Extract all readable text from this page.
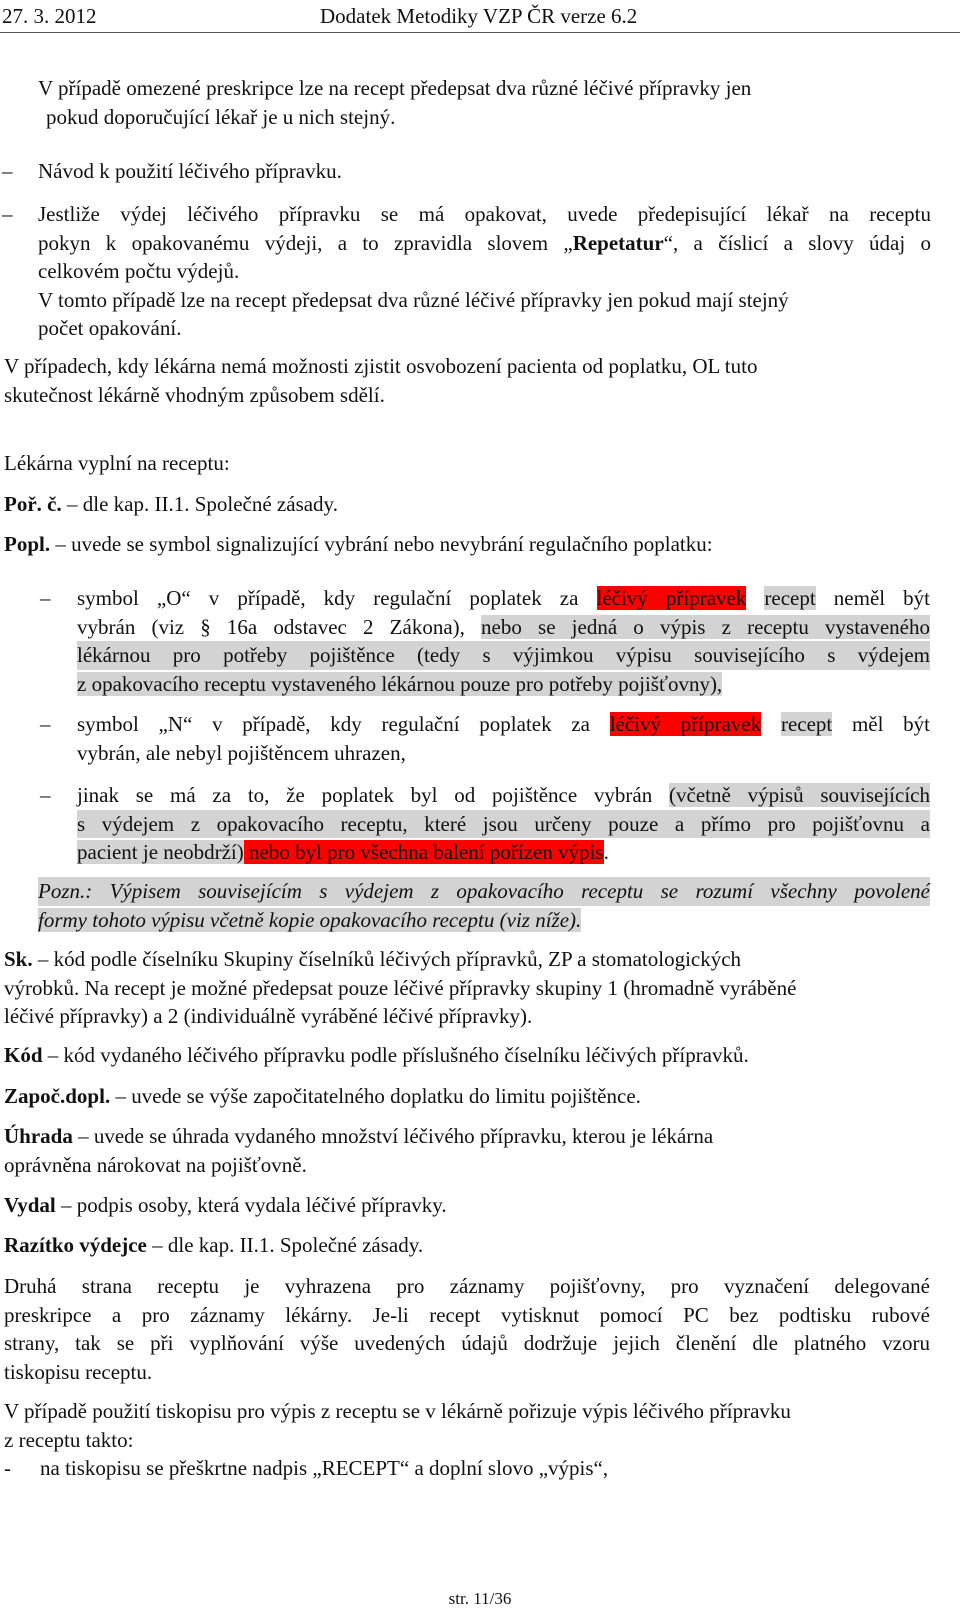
27. 3. 2012	Dodatek Metodiky VZP ČR verze 6.2
V případě omezené preskripce lze na recept předepsat dva různé léčivé přípravky jen
pokud doporučující lékař je u nich stejný.
–	Návod k použití léčivého přípravku.
–	Jestliže výdej léčivého přípravku se má opakovat, uvede předepisující lékař na receptu
pokyn k opakovanému výdeji, a to zpravidla slovem „Repetatur“, a číslicí a slovy údaj o
celkovém počtu výdejů.
V tomto případě lze na recept předepsat dva různé léčivé přípravky jen pokud mají stejný
počet opakování.
V případech, kdy lékárna nemá možnosti zjistit osvobození pacienta od poplatku, OL tuto
skutečnost lékárně vhodným způsobem sdělí.
Lékárna vyplní na receptu:
Poř. č. – dle kap. II.1. Společné zásady.
Popl. – uvede se symbol signalizující vybrání nebo nevybrání regulačního poplatku:
–	symbol „O“ v případě, kdy regulační poplatek za léčivý přípravek recept neměl být
vybrán (viz § 16a odstavec 2 Zákona), nebo se jedná o výpis z receptu vystaveného
lékárnou pro potřeby pojištěnce (tedy s výjimkou výpisu souvisejícího s výdejem
z opakovacího receptu vystaveného lékárnou pouze pro potřeby pojišťovny),
–	symbol „N“ v případě, kdy regulační poplatek za léčivý přípravek recept měl být
vybrán, ale nebyl pojištěncem uhrazen,
–	jinak se má za to, že poplatek byl od pojištěnce vybrán (včetně výpisů souvisejících
s výdejem z opakovacího receptu, které jsou určeny pouze a přímo pro pojišťovnu a
pacient je neobdrží) nebo byl pro všechna balení pořízen výpis.
Pozn.: Výpisem souvisejícím s výdejem z opakovacího receptu se rozumí všechny povolené
formy tohoto výpisu včetně kopie opakovacího receptu (viz níže).
Sk. – kód podle číselníku Skupiny číselníků léčivých přípravků, ZP a stomatologických
výrobků. Na recept je možné předepsat pouze léčivé přípravky skupiny 1 (hromadně vyráběné
léčivé přípravky) a 2 (individuálně vyráběné léčivé přípravky).
Kód – kód vydaného léčivého přípravku podle příslušného číselníku léčivých přípravků.
Započ.dopl. – uvede se výše započitatelného doplatku do limitu pojištěnce.
Úhrada – uvede se úhrada vydaného množství léčivého přípravku, kterou je lékárna
oprávněna nárokovat na pojišťovně.
Vydal – podpis osoby, která vydala léčivé přípravky.
Razítko výdejce – dle kap. II.1. Společné zásady.
Druhá strana receptu je vyhrazena pro záznamy pojišťovny, pro vyznačení delegované
preskripce a pro záznamy lékárny. Je-li recept vytisknut pomocí PC bez podtisku rubové
strany, tak se při vyplňování výše uvedených údajů dodržuje jejich členění dle platného vzoru
tiskopisu receptu.
V případě použití tiskopisu pro výpis z receptu se v lékárně pořizuje výpis léčivého přípravku
z receptu takto:
- na tiskopisu se přeškrtne nadpis „RECEPT“ a doplní slovo „výpis“,
str. 11/36
